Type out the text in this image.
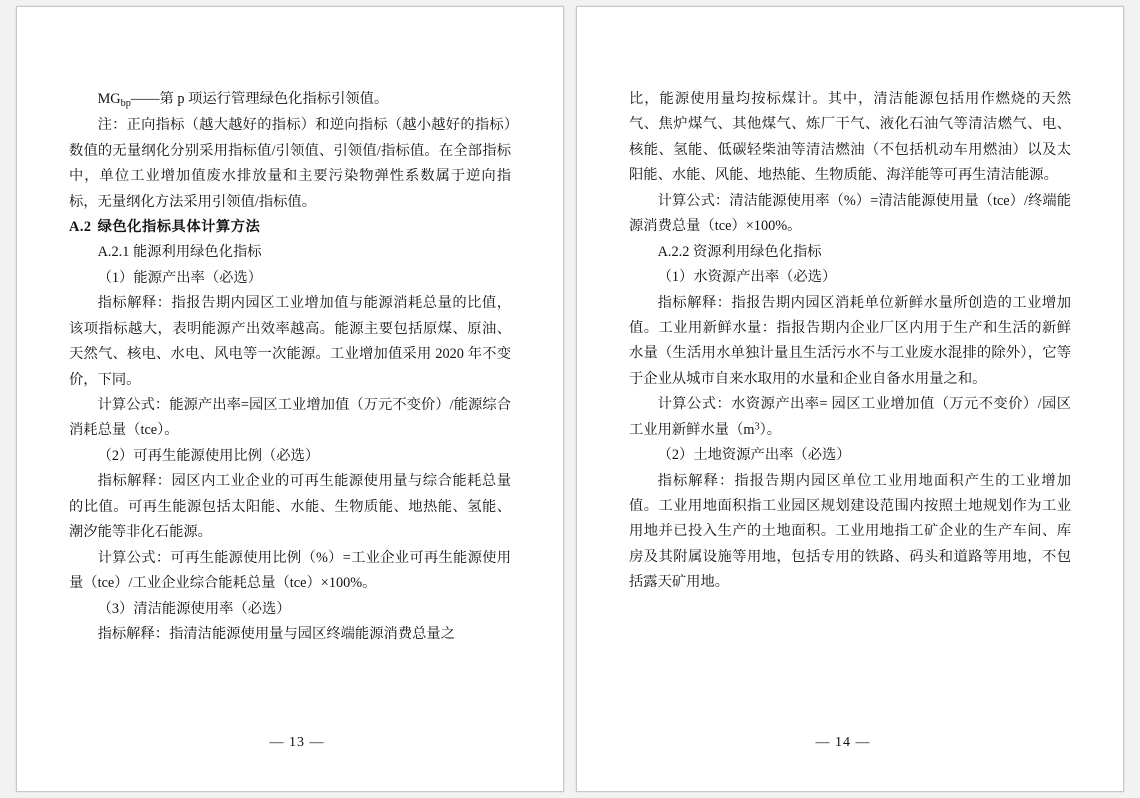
$MG_{bp}——$第 p 项运行管理绿色化指标引领值。

注：正向指标（越大越好的指标）和逆向指标（越小越好的指标）数值的无量纲化分别采用指标值/引领值、引领值/指标值。在全部指标中，单位工业增加值废水排放量和主要污染物弹性系数属于逆向指标，无量纲化方法采用引领值/指标值。

A.2 绿色化指标具体计算方法

A.2.1 能源利用绿色化指标

（1）能源产出率（必选）

指标解释：指报告期内园区工业增加值与能源消耗总量的比值，该项指标越大，表明能源产出效率越高。能源主要包括原煤、原油、天然气、核电、水电、风电等一次能源。工业增加值采用 2020 年不变价，下同。

计算公式：能源产出率=园区工业增加值（万元不变价）/能源综合消耗总量（tce）。

（2）可再生能源使用比例（必选）

指标解释：园区内工业企业的可再生能源使用量与综合能耗总量的比值。可再生能源包括太阳能、水能、生物质能、地热能、氢能、潮汐能等非化石能源。

计算公式：可再生能源使用比例（%）=工业企业可再生能源使用量（tce）/工业企业综合能耗总量（tce）×100%。

（3）清洁能源使用率（必选）

指标解释：指清洁能源使用量与园区终端能源消费总量之

— 13 —

比，能源使用量均按标煤计。其中，清洁能源包括用作燃烧的天然气、焦炉煤气、其他煤气、炼厂干气、液化石油气等清洁燃气、电、核能、氢能、低碳轻柴油等清洁燃油（不包括机动车用燃油）以及太阳能、水能、风能、地热能、生物质能、海洋能等可再生清洁能源。

计算公式：清洁能源使用率（%）=清洁能源使用量（tce）/终端能源消费总量（tce）×100%。

A.2.2 资源利用绿色化指标

（1）水资源产出率（必选）

指标解释：指报告期内园区消耗单位新鲜水量所创造的工业增加值。工业用新鲜水量：指报告期内企业厂区内用于生产和生活的新鲜水量（生活用水单独计量且生活污水不与工业废水混排的除外），它等于企业从城市自来水取用的水量和企业自备水用量之和。

计算公式：水资源产出率= 园区工业增加值（万元不变价）/园区工业用新鲜水量$(m^3)$。

（2）土地资源产出率（必选）

指标解释：指报告期内园区单位工业用地面积产生的工业增加值。工业用地面积指工业园区规划建设范围内按照土地规划作为工业用地并已投入生产的土地面积。工业用地指工矿企业的生产车间、库房及其附属设施等用地，包括专用的铁路、码头和道路等用地，不包括露天矿用地。

— 14 —
